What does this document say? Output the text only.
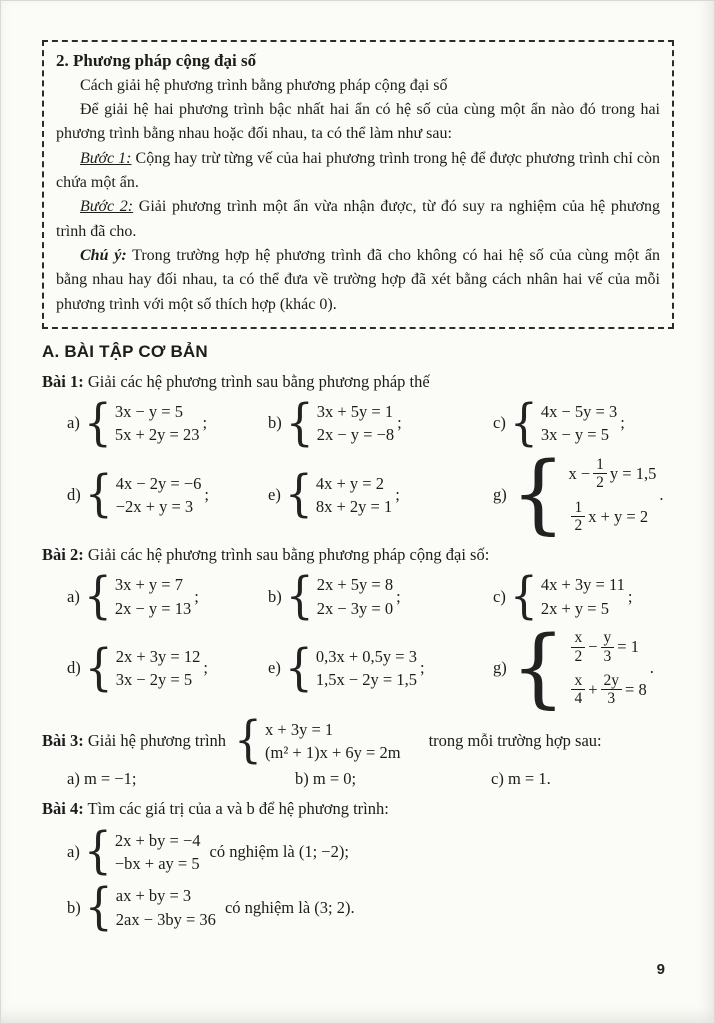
2. Phương pháp cộng đại số

Cách giải hệ phương trình bằng phương pháp cộng đại số

Để giải hệ hai phương trình bậc nhất hai ẩn có hệ số của cùng một ẩn nào đó trong hai phương trình bằng nhau hoặc đối nhau, ta có thể làm như sau:

Bước 1: Cộng hay trừ từng vế của hai phương trình trong hệ để được phương trình chỉ còn chứa một ẩn.

Bước 2: Giải phương trình một ẩn vừa nhận được, từ đó suy ra nghiệm của hệ phương trình đã cho.

Chú ý: Trong trường hợp hệ phương trình đã cho không có hai hệ số của cùng một ẩn bằng nhau hay đối nhau, ta có thể đưa về trường hợp đã xét bằng cách nhân hai vế của mỗi phương trình với một số thích hợp (khác 0).

A. BÀI TẬP CƠ BẢN

Bài 1: Giải các hệ phương trình sau bằng phương pháp thế

a) { 3x − y = 5
5x + 2y = 23
;	b) { 3x + 5y = 1
2x − y = −8
;	c) { 4x − 5y = 3
3x − y = 5
;
d) { 4x − 2y = −6
−2x + y = 3
;	e) { 4x + y = 2
8x + 2y = 1
;	g) { $x - \frac{1}{2}$ y = 1,5
$\frac{1}{2}$ x + y = 2
.

Bài 2: Giải các hệ phương trình sau bằng phương pháp cộng đại số:

a) { 3x + y = 7
2x − y = 13
;	b) { 2x + 5y = 8
2x − 3y = 0
;	c) { 4x + 3y = 11
2x + y = 5
;
d) { 2x + 3y = 12
3x − 2y = 5
;	e) { 0,3x + 0,5y = 3
1,5x − 2y = 1,5
;	g) { $\frac{x}{2} - \frac{y}{3} = 1$
$\frac{x}{4} + \frac{2y}{3} = 8$
.
Bài 3: Giải hệ phương trình { x + 3y = 1
(m² + 1)x + 6y = 2m
trong mỗi trường hợp sau:
a) m = −1;	b) m = 0;	c) m = 1.

Bài 4: Tìm các giá trị của a và b để hệ phương trình:

a) { 2x + by = −4
−bx + ay = 5
có nghiệm là (1; −2);
b) { ax + by = 3
2ax − 3by = 36
có nghiệm là (3; 2).
9
